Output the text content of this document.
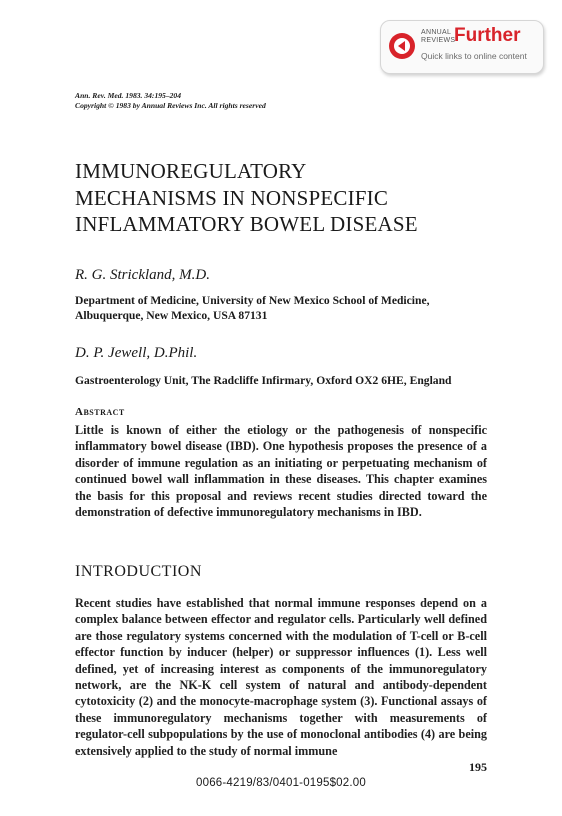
ANNUAL
REVIEWS
Further
Quick links to online content
Ann. Rev. Med. 1983. 34:195–204
Copyright © 1983 by Annual Reviews Inc. All rights reserved
IMMUNOREGULATORY
MECHANISMS IN NONSPECIFIC
INFLAMMATORY BOWEL DISEASE
R. G. Strickland, M.D.
Department of Medicine, University of New Mexico School of Medicine,
Albuquerque, New Mexico, USA 87131
D. P. Jewell, D.Phil.
Gastroenterology Unit, The Radcliffe Infirmary, Oxford OX2 6HE, England
Abstract

Little is known of either the etiology or the pathogenesis of nonspecific inflammatory bowel disease (IBD). One hypothesis proposes the presence of a disorder of immune regulation as an initiating or perpetuating mechanism of continued bowel wall inflammation in these diseases. This chapter examines the basis for this proposal and reviews recent studies directed toward the demonstration of defective immunoregulatory mechanisms in IBD.

INTRODUCTION

Recent studies have established that normal immune responses depend on a complex balance between effector and regulator cells. Particularly well defined are those regulatory systems concerned with the modulation of T-cell or B-cell effector function by inducer (helper) or suppressor influences (1). Less well defined, yet of increasing interest as components of the immunoregulatory network, are the NK-K cell system of natural and antibody-dependent cytotoxicity (2) and the monocyte-macrophage system (3). Functional assays of these immunoregulatory mechanisms together with measurements of regulator-cell subpopulations by the use of monoclonal antibodies (4) are being extensively applied to the study of normal immune

195
0066-4219/83/0401-0195$02.00
